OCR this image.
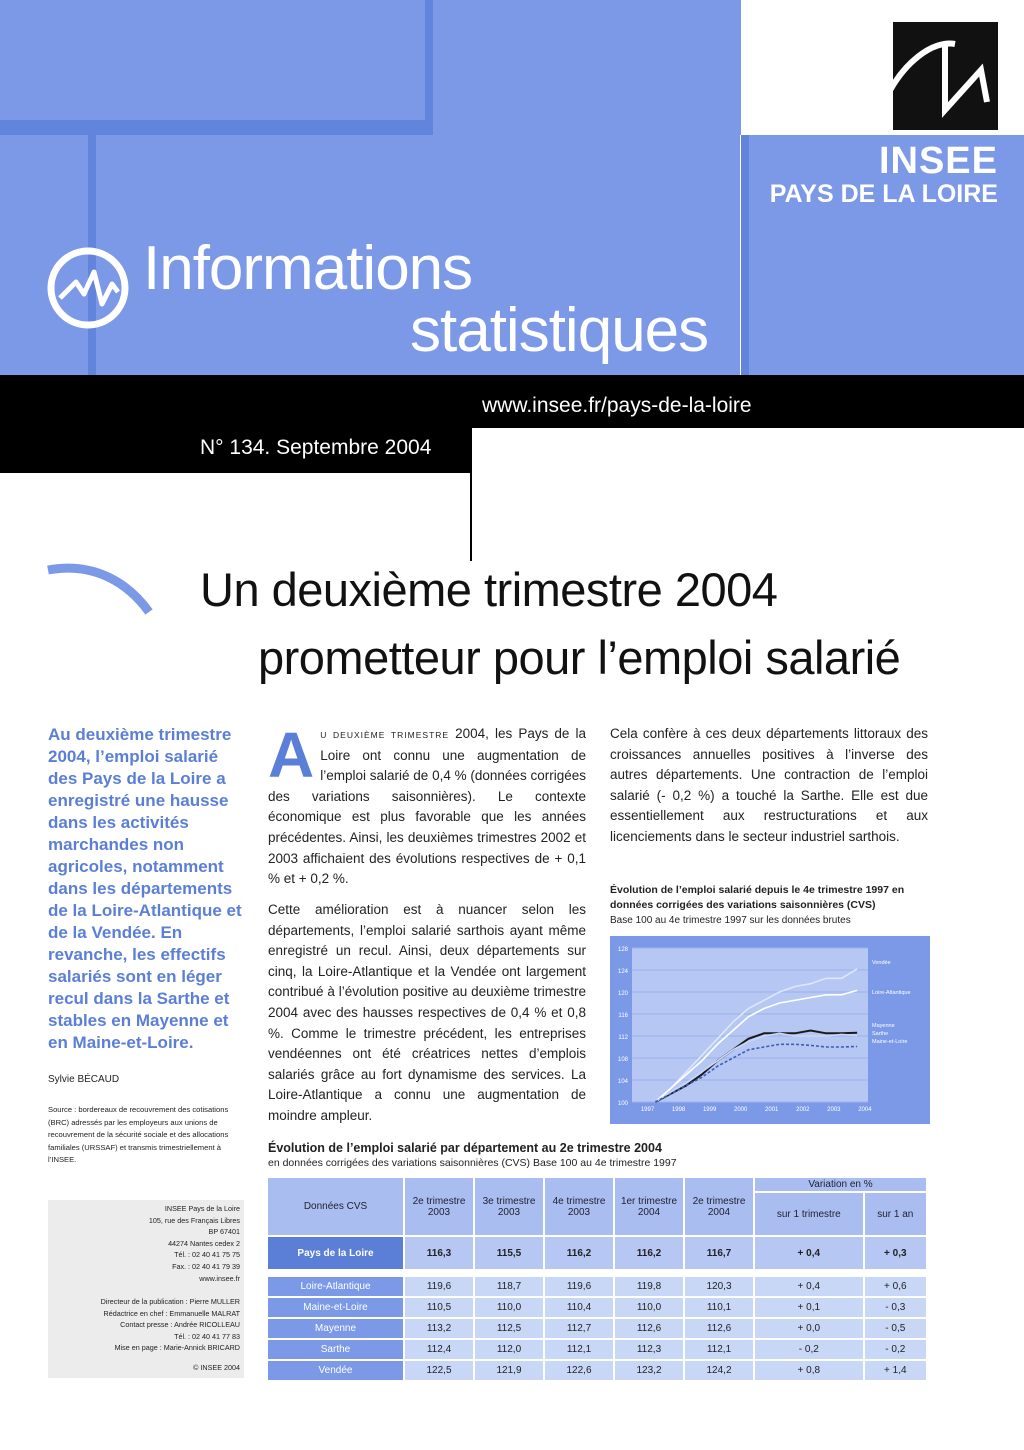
INSEE
PAYS DE LA LOIRE
Informations
statistiques
www.insee.fr/pays-de-la-loire
N° 134. Septembre 2004
Un deuxième trimestre 2004
prometteur pour l’emploi salarié
Au deuxième trimestre 2004, l’emploi salarié des Pays de la Loire a enregistré une hausse dans les activités marchandes non agricoles, notamment dans les départements de la Loire-Atlantique et de la Vendée. En revanche, les effectifs salariés sont en léger recul dans la Sarthe et stables en Mayenne et en Maine-et-Loire.
Sylvie BÉCAUD
Source : bordereaux de recouvrement des cotisations (BRC) adressés par les employeurs aux unions de recouvrement de la sécurité sociale et des allocations familiales (URSSAF) et transmis trimestriellement à l’INSEE.
INSEE Pays de la Loire
105, rue des Français Libres
BP 67401
44274 Nantes cedex 2
Tél. : 02 40 41 75 75
Fax. : 02 40 41 79 39
www.insee.fr
Directeur de la publication : Pierre MULLER
Rédactrice en chef : Emmanuelle MALRAT
Contact presse : Andrée RICOLLEAU
Tél. : 02 40 41 77 83
Mise en page : Marie-Annick BRICARD
© INSEE 2004
AU DEUXIÈME TRIMESTRE 2004, les Pays de la Loire ont connu une augmentation de l’emploi salarié de 0,4 % (données corrigées des variations saisonnières). Le contexte économique est plus favorable que les années précédentes. Ainsi, les deuxièmes trimestres 2002 et 2003 affichaient des évolutions respectives de + 0,1 % et + 0,2 %.
Cette amélioration est à nuancer selon les départements, l’emploi salarié sarthois ayant même enregistré un recul. Ainsi, deux départements sur cinq, la Loire-Atlantique et la Vendée ont largement contribué à l’évolution positive au deuxième trimestre 2004 avec des hausses respectives de 0,4 % et 0,8 %. Comme le trimestre précédent, les entreprises vendéennes ont été créatrices nettes d’emplois salariés grâce au fort dynamisme des services. La Loire-Atlantique a connu une augmentation de moindre ampleur.
Cela confère à ces deux départements littoraux des croissances annuelles positives à l’inverse des autres départements. Une contraction de l’emploi salarié (- 0,2 %) a touché la Sarthe. Elle est due essentiellement aux restructurations et aux licenciements dans le secteur industriel sarthois.
Évolution de l’emploi salarié depuis le 4e trimestre 1997 en données corrigées des variations saisonnières (CVS)
Base 100 au 4e trimestre 1997 sur les données brutes
100
104
108
112
116
120
124
128
1997	1998	1999	2000	2001	2002	2003	2004
Vendée
Loire-Atlantique
Mayenne
Sarthe
Maine-et-Loire
Évolution de l’emploi salarié par département au 2e trimestre 2004
en données corrigées des variations saisonnières (CVS) Base 100 au 4e trimestre 1997
Données CVS	2e trimestre 2003	3e trimestre 2003	4e trimestre 2003	1er trimestre 2004	2e trimestre 2004	Variation en %	
						sur 1 trimestre	sur 1 an
Pays de la Loire	116,3	115,5	116,2	116,2	116,7	+ 0,4	+ 0,3

Loire-Atlantique	119,6	118,7	119,6	119,8	120,3	+ 0,4	+ 0,6
Maine-et-Loire	110,5	110,0	110,4	110,0	110,1	+ 0,1	- 0,3
Mayenne	113,2	112,5	112,7	112,6	112,6	+ 0,0	- 0,5
Sarthe	112,4	112,0	112,1	112,3	112,1	- 0,2	- 0,2
Vendée	122,5	121,9	122,6	123,2	124,2	+ 0,8	+ 1,4
